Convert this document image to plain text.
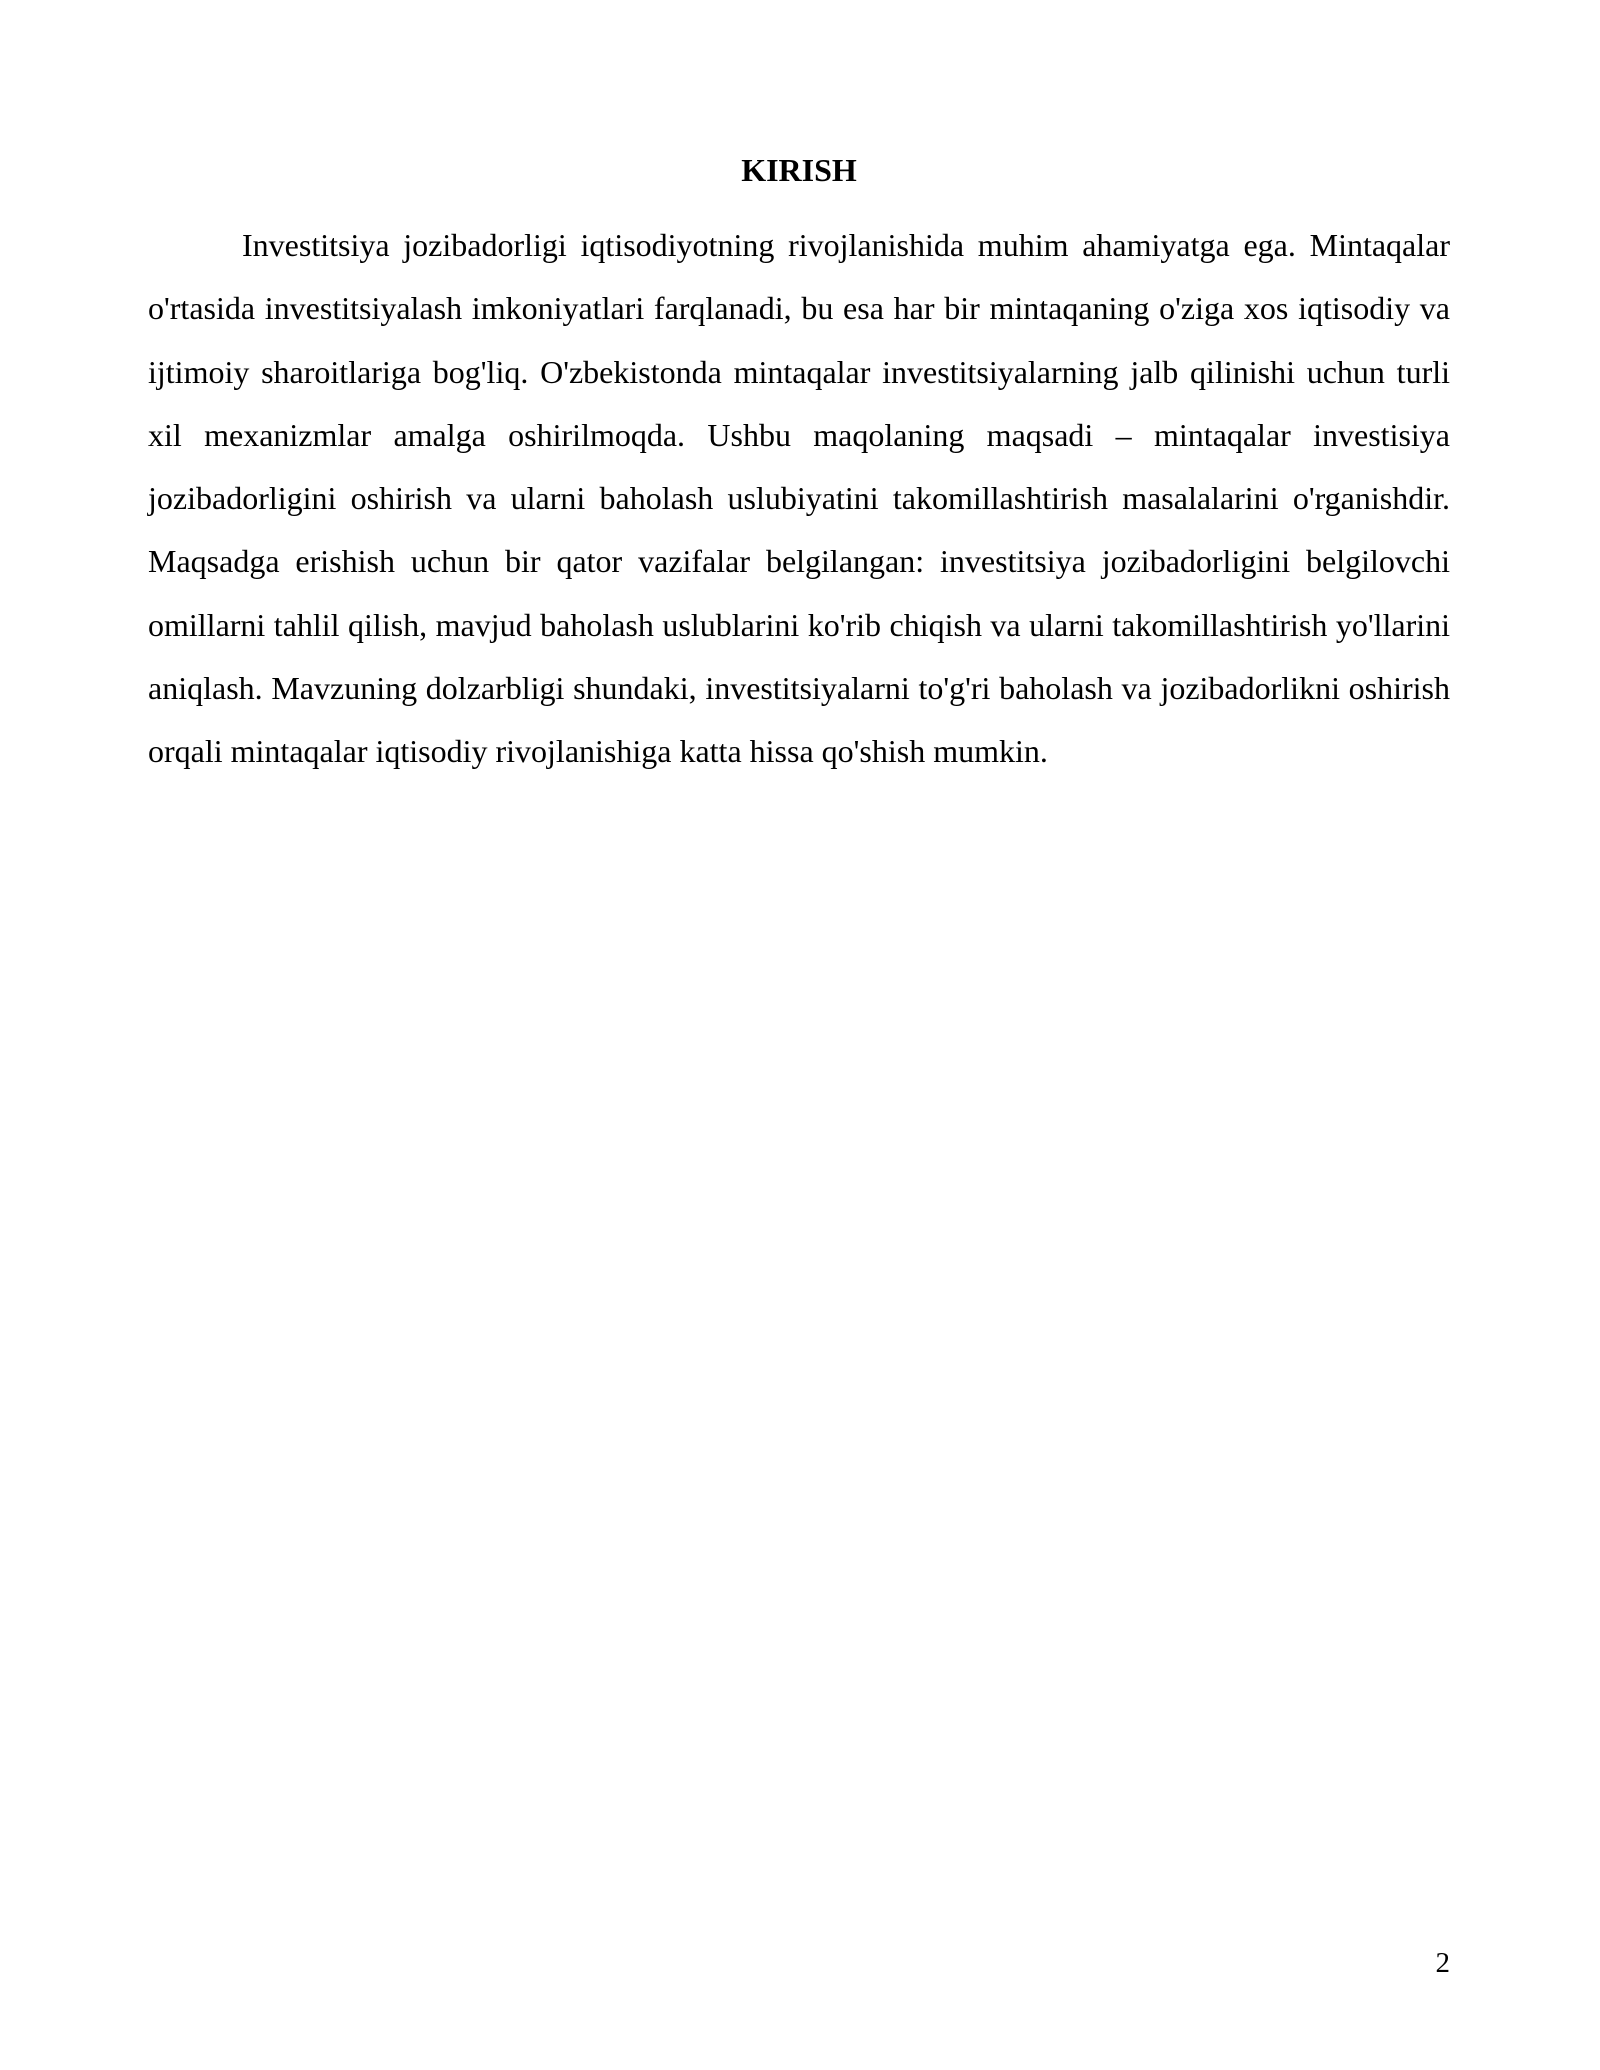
KIRISH

Investitsiya jozibadorligi iqtisodiyotning rivojlanishida muhim ahamiyatga ega. Mintaqalar o'rtasida investitsiyalash imkoniyatlari farqlanadi, bu esa har bir mintaqaning o'ziga xos iqtisodiy va ijtimoiy sharoitlariga bog'liq. O'zbekistonda mintaqalar investitsiyalarning jalb qilinishi uchun turli xil mexanizmlar amalga oshirilmoqda. Ushbu maqolaning maqsadi – mintaqalar investisiya jozibadorligini oshirish va ularni baholash uslubiyatini takomillashtirish masalalarini o'rganishdir. Maqsadga erishish uchun bir qator vazifalar belgilangan: investitsiya jozibadorligini belgilovchi omillarni tahlil qilish, mavjud baholash uslublarini ko'rib chiqish va ularni takomillashtirish yo'llarini aniqlash. Mavzuning dolzarbligi shundaki, investitsiyalarni to'g'ri baholash va jozibadorlikni oshirish orqali mintaqalar iqtisodiy rivojlanishiga katta hissa qo'shish mumkin.

2
